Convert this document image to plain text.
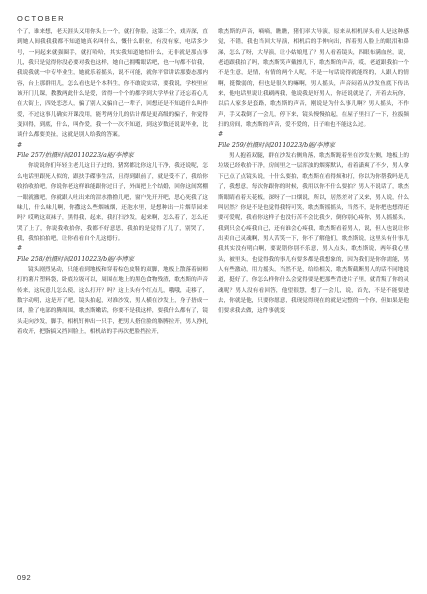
OCTOBER

个了，谁来想，老天涯头又用你头上一个，就打你脸，这第二个，戏弄深，直到她人间我我我都不知道她真名叫什么，慨什么职业，有没有家，电话多少号，一问起来就强圈手，就打哈哈，其实我知道她怕什么，无非就是那点事儿，我只是觉得你没必要对我也这样，她自己拥嘴眼话吧，也一句都不信我，我说我就一中专毕业生，她就乐着摇头，说不可能，就你平常讲话那姿态那内容，台上那群用儿，怎么看也是个本科生，你不敢说实话，要我说，学校里应该开门儿课，教教两此什么是爱，省得一个个的都学到大学毕业了还忘着心儿在大街上，四处恋恋人，骗了别人又骗自己一辈子，回想还是不知道什么叫作爱，不过这事儿确实开课没用，能考两分儿的估计都是更高级的骗子，你觉得变回得，到底，什么，叫作爱，我一个一次不知道，到这岁数还说说毕业，比谈什么都要美扯，这就是别人给我的答案。

#

File 257/拍摄时间20110223/a能/李博家

你说说你们年轻主老儿这日子过的，猪窝都比你这儿干净，我还说呢，怎么电话里跟死人似的，跟扶手碟事生活，且得到跟前了，就是受不了，我给你收拾收拾吧，你说你老这样谁能跟你过日子，外面把上个结婚，回你这间窝棚一眼就撤吧，你就跟人吐出来的泔水撸撸儿吧，窗户先开开吧，思心死我了这味儿，什么味儿啊，你撒这么些烟城烟，还泡水里，是想种出一片烟草园来吗？哎哟这双袜子，黑得我，起来，我打扫沙发，起来啊，怎么着了，怎么还哭了上了，你说我收拾你，我都不好意思，我拍的是觉得了儿了，别哭了，我，我怕拍拍吧，让你看看自个儿这德行。

#

File 258/拍摄时间20110223/b能/李博家

镜头剧烈晃动，只能看到地板和穿着棕色皮鞋的双脚，地板上散落着厨师打的薯片塑料袋，卧底垃圾可以，周围在地上的黑色食物残渣，歌杰斯的声音传来，这玩意儿怎么使，这么打开？吗？这上头有个红点儿，哦哦，走移了，数字动明，这是开了吧，镜头拍起，对准沙发，男人横在沙发上，身子捂成一团，脸了电部的腾周围，歌杰斯嫩话，你要不是我这样，要我什么都有了，镜头走向沙发，脚手，相机钉伸出一只手，把男人搭住脸的胳膊拉开，男人挣扎着攻开，把脂搞又挡回脸上，相机站的手再次把脸挡拉开，

歌杰斯的声音，嘀嘀，瞧瞧，猪们率大导演，原来从相机屏头看人是这种感觉，不错，我也当回大导演，相机后的手伸向出，挥着男人脸上的眼泪和鼻涕，怎么了呀，大导演，让小姑娘甩了？男人看着镜头，四眼布满血丝，说，老道跟我拍了吗，歌杰斯笑声戴擦儿下，歌杰斯的声音，哎，老道跟我拍一个不是生意，是情，有情的两个人呢，不是一句话说得就能终的，人跟人的情啊，挺微弱的，但也是很久的嘛啊，男人摇头，声音闷着从沙发鱼底下传出来，他电话里说让我刷两我，他说我是好男人，你还说就是了，开着去玩你，以后人家多是套路，歌杰斯的声音，刚说是为什么事儿啊？男人摇头，不作声，手又栽倒了一会儿，停下来，镜头慢慢拍起，在屋子里扫了一下，拉扳频扫的房间，歌杰斯的声音，爱不爱的，日子咱也不能这么过。

#

File 259/拍摄时间20110223/b能/李博家

男人抱着双腿，群在沙发右侧角落，歌杰斯跪着坐在沙发左侧，地板上的垃圾已经收拾干净，房间里之一层浑浊的烟雾默认，看着潇爽了不少，男人拿下已点了点镜头说，十什么要拍，歌杰斯在看得烦和打，你以为你帮我吗是儿了，我想意，每次你跟你的时候，我用以你不什么要拍？男人不说话了，歌杰斯眼睛看着天花板，深呀了一口烟说，所以，居然差对了又来，男人说，什么叫居然？你是不是也觉得我特可笑，歌杰斯摇摇头，当然不，是你把也想得还要可爱呢，我看你这样子也没行苦不会比我少，倒你别心疼你，男人摇摇头，我到只会心疼我自己，还有谁会心疼我，歌杰斯看着男人，说，但人也说让你出卖自己灵魂啊，男人苦笑一下，你不了解他们，歌杰斯说，这里头有什事儿我其实没有明白啊，要说错你别不乐意，男人点头，歌杰斯说，两年我心里头，被里头，也觉得我的事儿有要多都是我想象的，因为我们是你你需能，男人有些激动，用力摇头，当然不是，给给相关，歌杰斯截断男人的话不同地说道，挺好了，你怎么样你什么会觉得要是把那些背进片子里，就背叛了你的灵魂呢？男人没有看回答，他望很慧，想了一会儿，说，首先，不是不能要进去，你就是他，只要你愿意，我现觉得现在的就是完整的一个你，但如果是他们要求我去做，这件事就变

092
